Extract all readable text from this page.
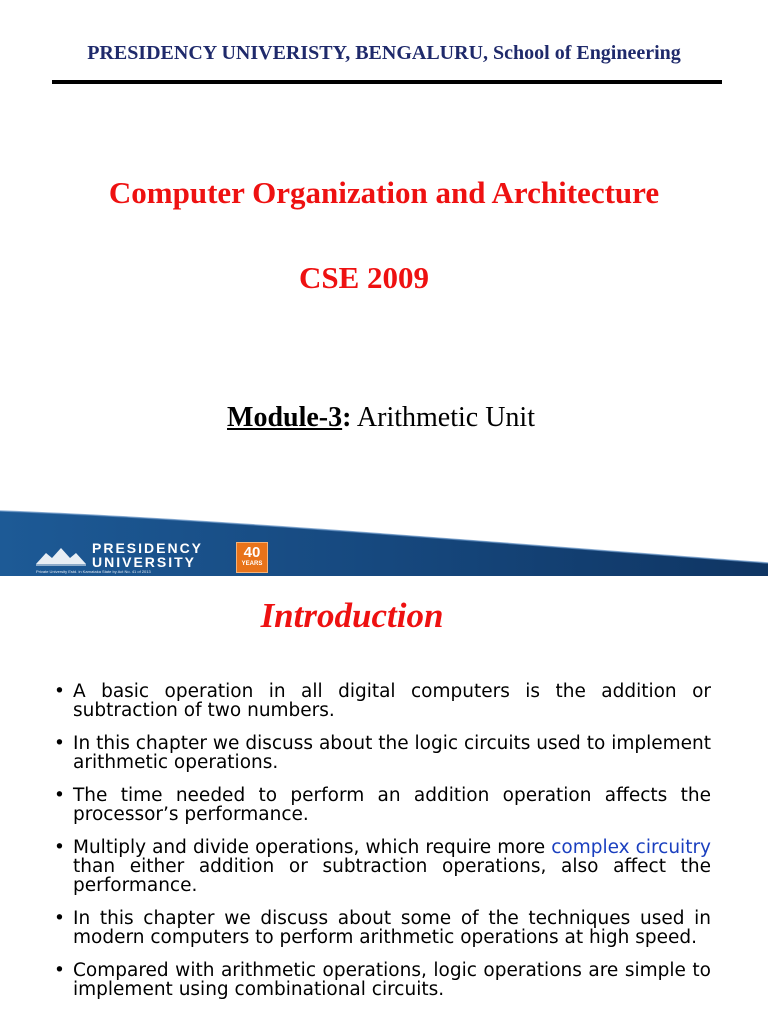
PRESIDENCY UNIVERISTY, BENGALURU, School of Engineering
Computer Organization and Architecture
CSE 2009
Module-3: Arithmetic Unit
PRESIDENCY
UNIVERSITY
Private University Estd. in Karnataka State by Act No. 41 of 2013
40
YEARS
Introduction
• A basic operation in all digital computers is the addition or subtraction of two numbers.
• In this chapter we discuss about the logic circuits used to implement arithmetic operations.
• The time needed to perform an addition operation affects the processor’s performance.
• Multiply and divide operations, which require more complex circuitry than either addition or subtraction operations, also affect the performance.
• In this chapter we discuss about some of the techniques used in modern computers to perform arithmetic operations at high speed.
• Compared with arithmetic operations, logic operations are simple to implement using combinational circuits.
